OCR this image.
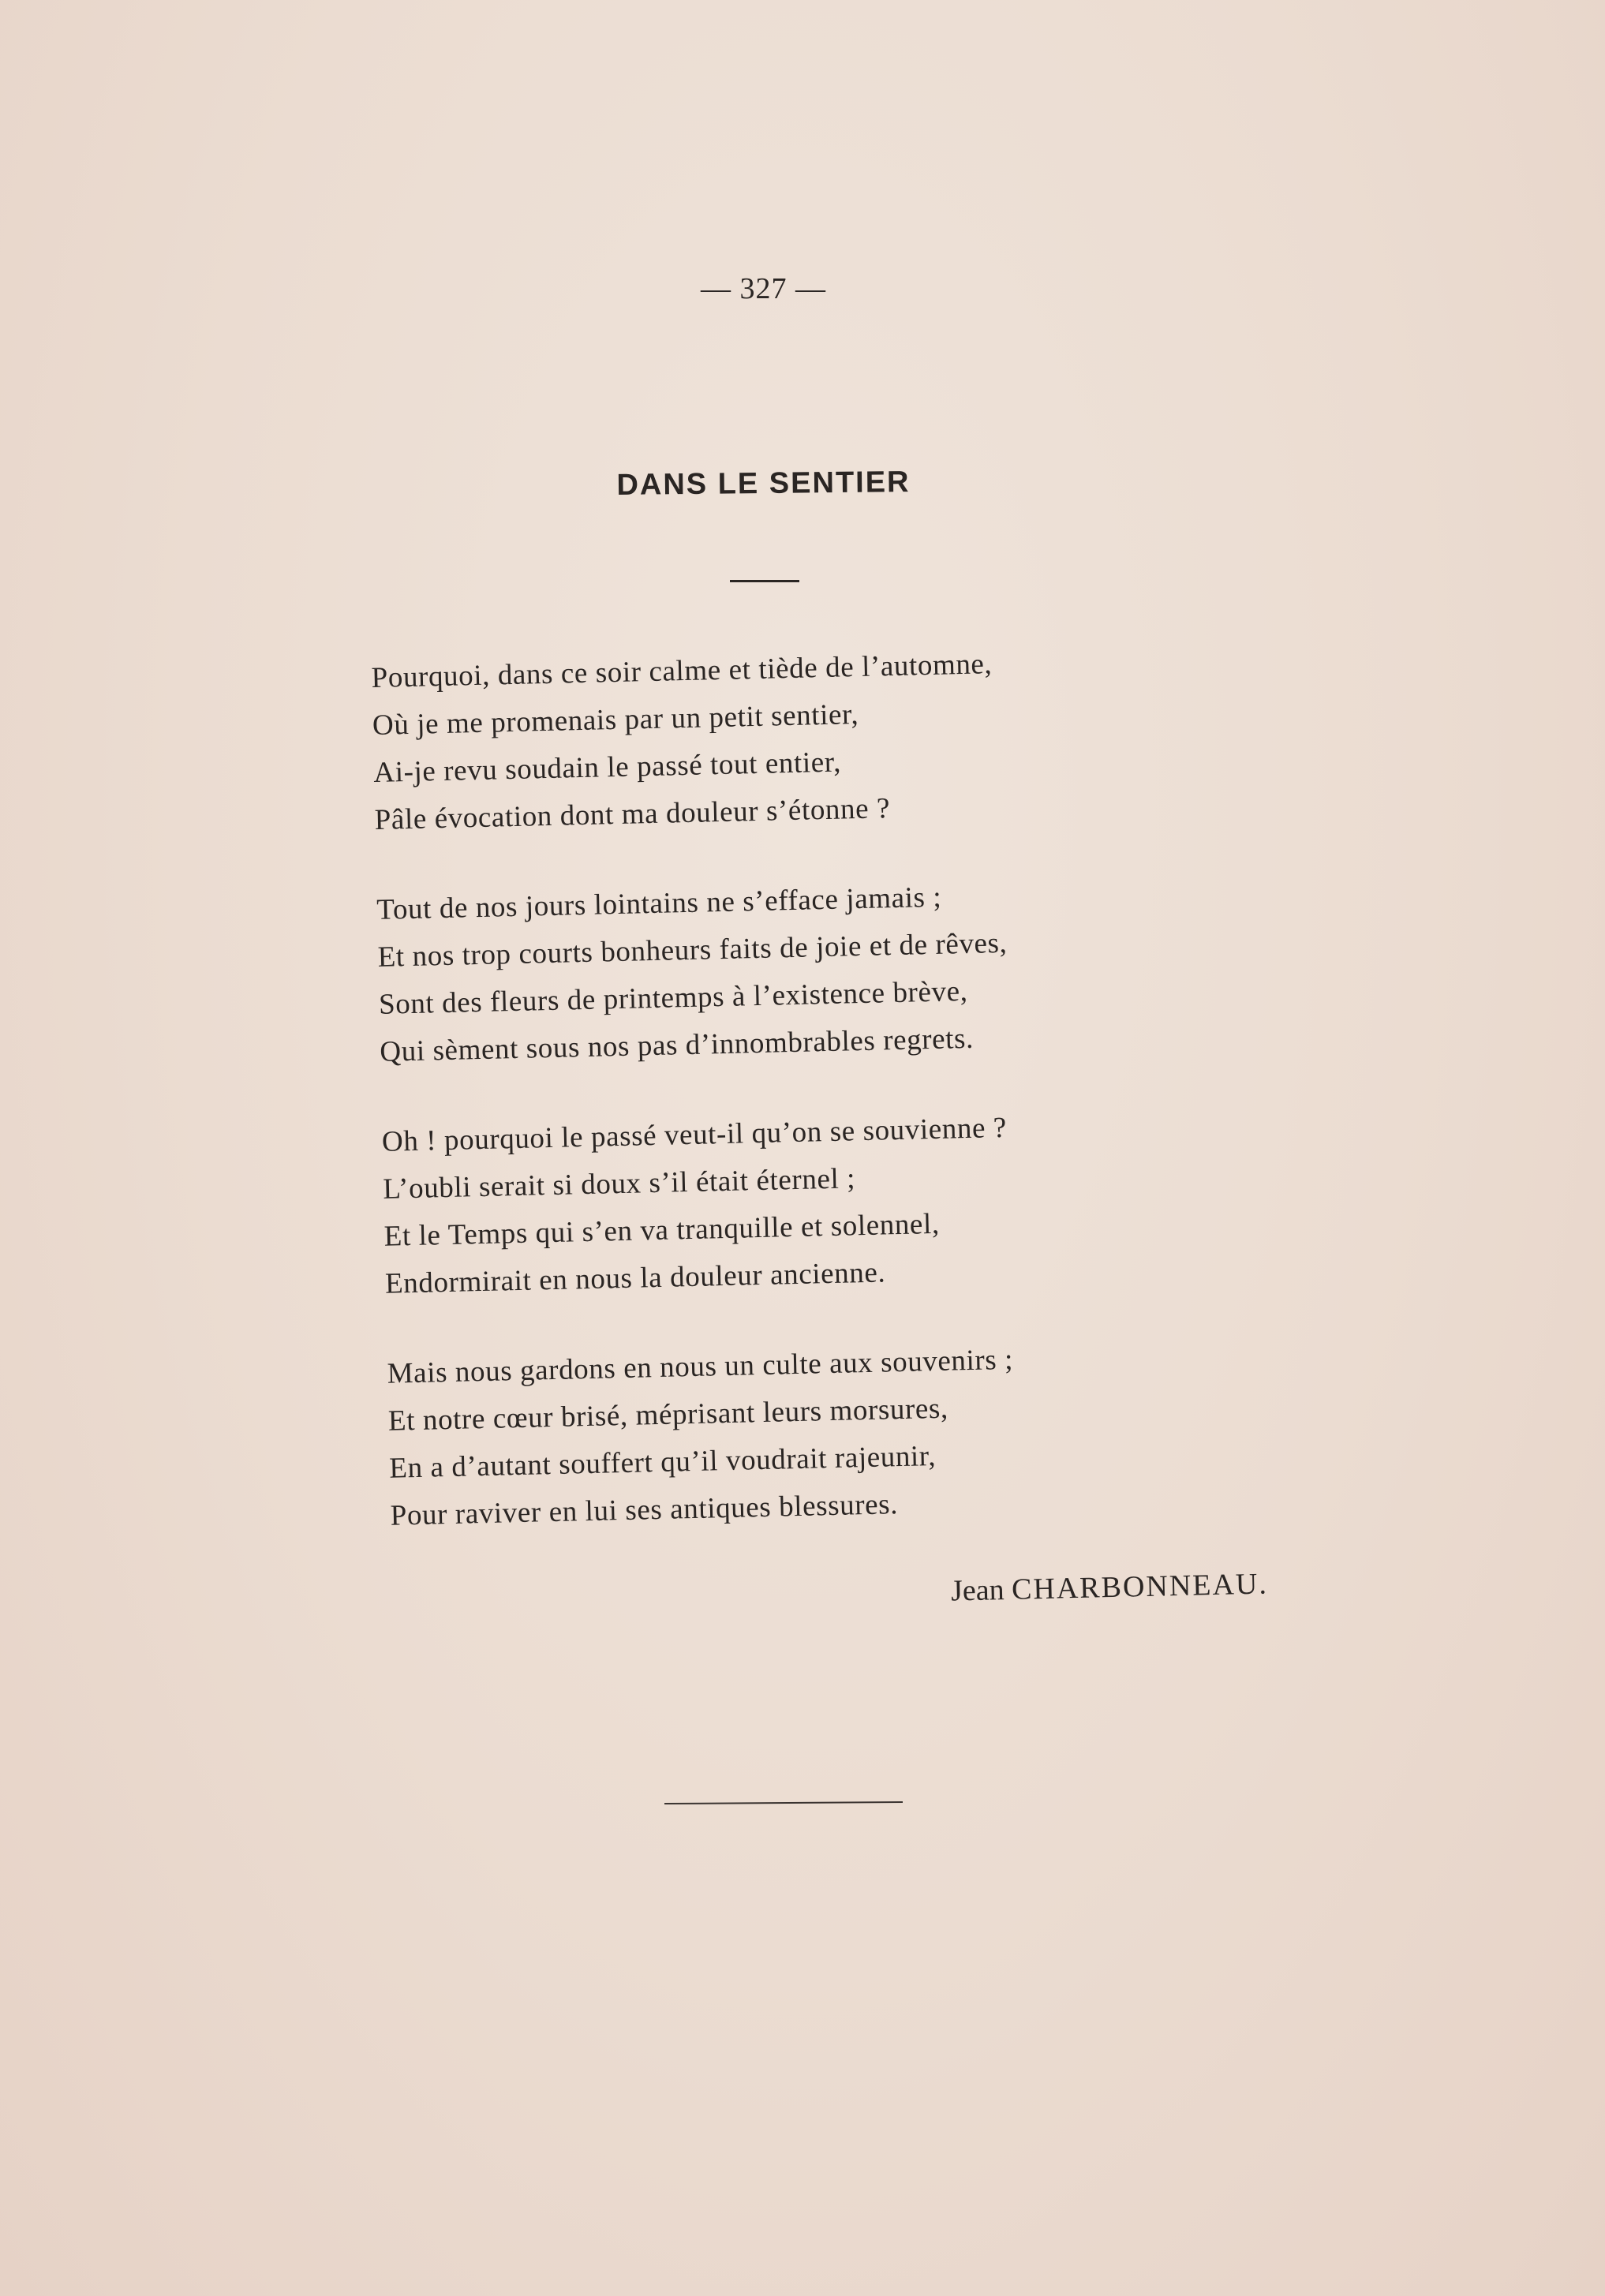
— 327 —
DANS LE SENTIER
Pourquoi, dans ce soir calme et tiède de l’automne,
Où je me promenais par un petit sentier,
Ai-je revu soudain le passé tout entier,
Pâle évocation dont ma douleur s’étonne ?
Tout de nos jours lointains ne s’efface jamais ;
Et nos trop courts bonheurs faits de joie et de rêves,
Sont des fleurs de printemps à l’existence brève,
Qui sèment sous nos pas d’innombrables regrets.
Oh ! pourquoi le passé veut-il qu’on se souvienne ?
L’oubli serait si doux s’il était éternel ;
Et le Temps qui s’en va tranquille et solennel,
Endormirait en nous la douleur ancienne.
Mais nous gardons en nous un culte aux souvenirs ;
Et notre cœur brisé, méprisant leurs morsures,
En a d’autant souffert qu’il voudrait rajeunir,
Pour raviver en lui ses antiques blessures.
Jean CHARBONNEAU.
